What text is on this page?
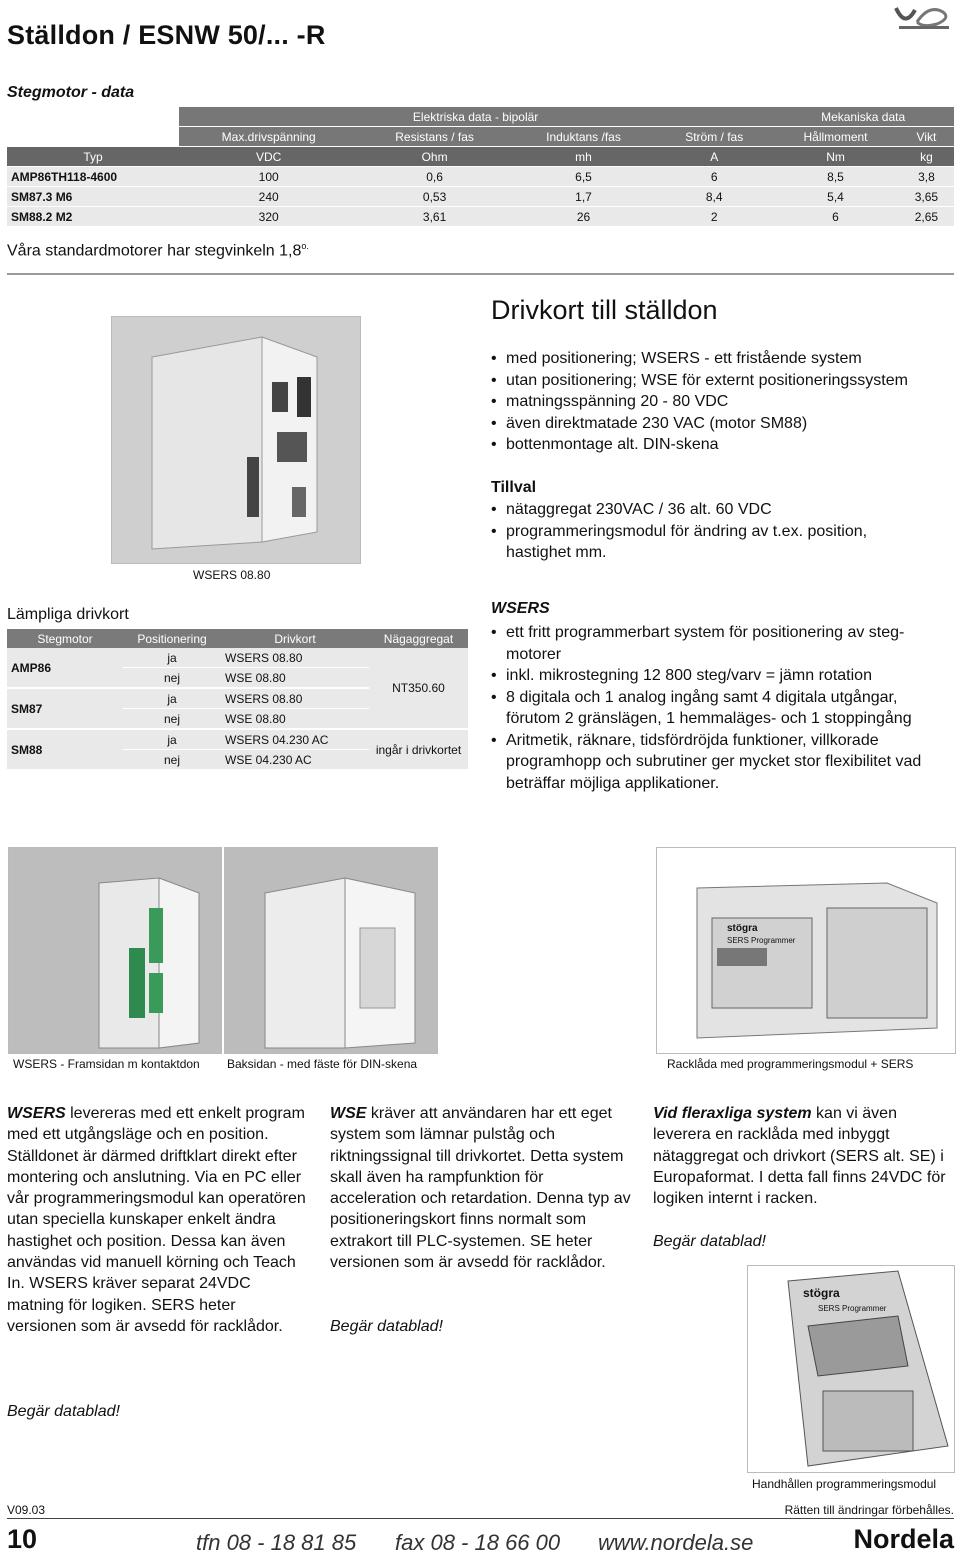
Ställdon / ESNW 50/... -R
Stegmotor - data
	Elektriska data - bipolär				Mekaniska data	
	Max.drivspänning	Resistans / fas	Induktans /fas	Ström / fas	Hållmoment	Vikt
Typ	VDC	Ohm	mh	A	Nm	kg
AMP86TH118-4600	100	0,6	6,5	6	8,5	3,8
SM87.3 M6	240	0,53	1,7	8,4	5,4	3,65
SM88.2 M2	320	3,61	26	2	6	2,65
Våra standardmotorer har stegvinkeln $1,8^{o.}$
WSERS 08.80
Drivkort till ställdon
• med positionering; WSERS - ett fristående system
• utan positionering; WSE för externt positioneringssystem
• matningsspänning 20 - 80 VDC
• även direktmatade 230 VAC (motor SM88)
• bottenmontage alt. DIN-skena
Tillval
• nätaggregat 230VAC / 36 alt. 60 VDC
• programmeringsmodul för ändring av t.ex. position, hastighet mm.
Lämpliga drivkort
Stegmotor	Positionering	Drivkort	Nägaggregat
AMP86	ja	WSERS 08.80	NT350.60
	nej	WSE 08.80	
SM87	ja	WSERS 08.80	
	nej	WSE 08.80	
SM88	ja	WSERS 04.230 AC	ingår i drivkortet
	nej	WSE 04.230 AC	
WSERS
• ett fritt programmerbart system för positionering av steg-motorer
• inkl. mikrostegning 12 800 steg/varv = jämn rotation
• 8 digitala och 1 analog ingång samt 4 digitala utgångar, förutom 2 gränslägen, 1 hemmaläges- och 1 stoppingång
• Aritmetik, räknare, tidsfördröjda funktioner, villkorade programhopp och subrutiner ger mycket stor flexibilitet vad beträffar möjliga applikationer.
stögra
SERS Programmer
WSERS - Framsidan m kontaktdon Baksidan - med fäste för DIN-skena	Racklåda med programmeringsmodul + SERS
WSERS levereras med ett enkelt program med ett utgångsläge och en position. Ställdonet är därmed driftklart direkt efter montering och anslutning. Via en PC eller vår programmeringsmodul kan operatören utan speciella kunskaper enkelt ändra hastighet och position. Dessa kan även användas vid manuell körning och Teach In. WSERS kräver separat 24VDC matning för logiken. SERS heter versionen som är avsedd för racklådor.
Begär datablad!
WSE kräver att användaren har ett eget system som lämnar pulståg och riktningssignal till drivkortet. Detta system skall även ha rampfunktion för acceleration och retardation. Denna typ av positioneringskort finns normalt som extrakort till PLC-systemen. SE heter versionen som är avsedd för racklådor.
Begär datablad!
Vid fleraxliga system kan vi även leverera en racklåda med inbyggt nätaggregat och drivkort (SERS alt. SE) i Europaformat. I detta fall finns 24VDC för logiken internt i racken.
Begär datablad!
stögra
SERS Programmer
Handhållen programmeringsmodul
V09.03	Rätten till ändringar förbehålles.
10	tfn 08 - 18 81 85 fax 08 - 18 66 00 www.nordela.se	Nordela
